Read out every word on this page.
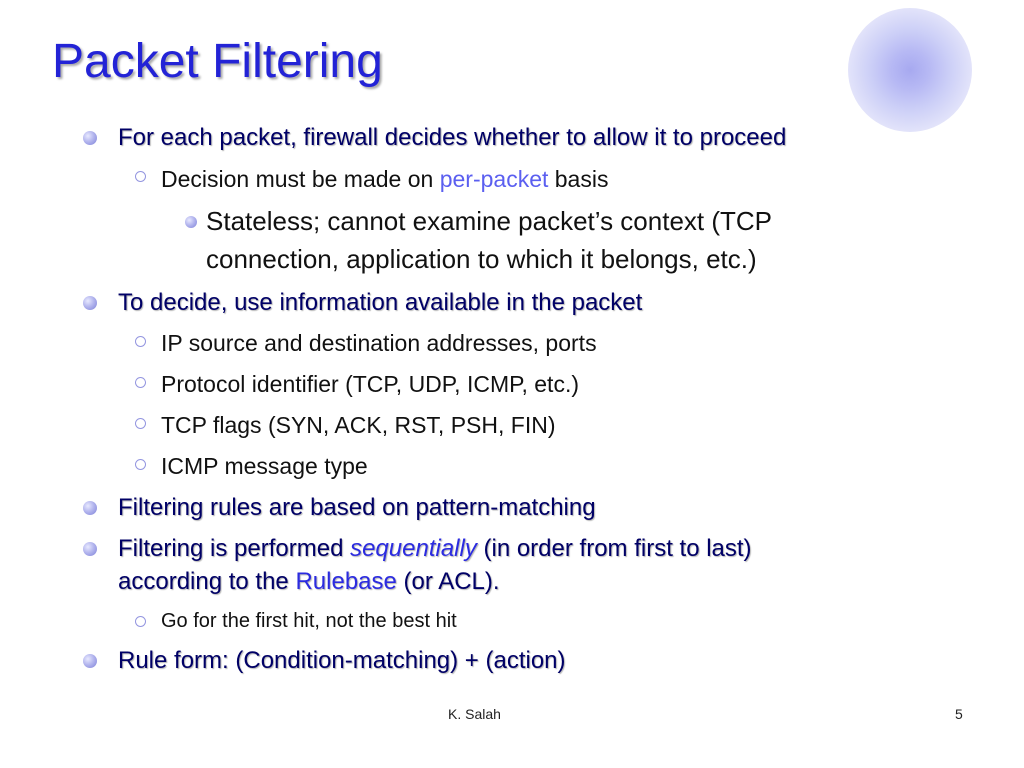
Packet Filtering
For each packet, firewall decides whether to allow it to proceed
Decision must be made on per-packet basis
Stateless; cannot examine packet’s context (TCP
connection, application to which it belongs, etc.)
To decide, use information available in the packet
IP source and destination addresses, ports
Protocol identifier (TCP, UDP, ICMP, etc.)
TCP flags (SYN, ACK, RST, PSH, FIN)
ICMP message type
Filtering rules are based on pattern-matching
Filtering is performed sequentially (in order from first to last)
according to the Rulebase (or ACL).
Go for the first hit, not the best hit
Rule form: (Condition-matching) + (action)
K. Salah	5
